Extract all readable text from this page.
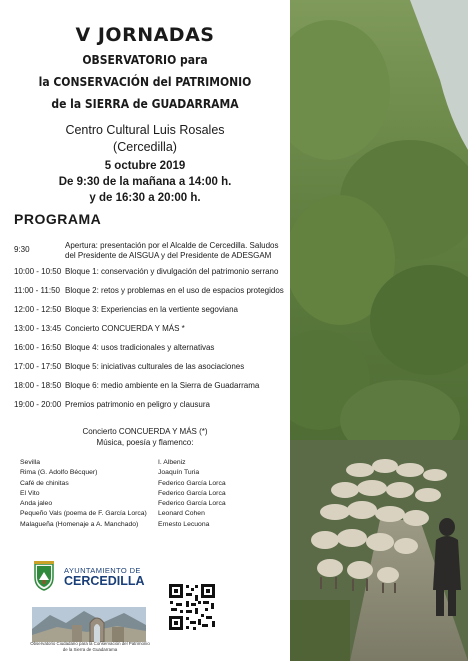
V JORNADAS
OBSERVATORIO para
la CONSERVACIÓN del PATRIMONIO
de la SIERRA de GUADARRAMA
Centro Cultural Luis Rosales
(Cercedilla)
5 octubre 2019
De 9:30 de la mañana a 14:00 h.
y de 16:30 a 20:00 h.
PROGRAMA
9:30	Apertura: presentación por el Alcalde de Cercedilla. Saludos del Presidente de AISGUA y del Presidente de ADESGAM
10:00 - 10:50 Bloque 1: conservación y divulgación del patrimonio serrano
11:00 - 11:50 Bloque 2: retos y problemas en el uso de espacios protegidos
12:00 - 12:50 Bloque 3: Experiencias en la vertiente segoviana
13:00 - 13:45 Concierto CONCUERDA Y MÁS *
16:00 - 16:50 Bloque 4: usos tradicionales y alternativas
17:00 - 17:50 Bloque 5: iniciativas culturales de las asociaciones
18:00 - 18:50 Bloque 6: medio ambiente en la Sierra de Guadarrama
19:00 - 20:00 Premios patrimonio en peligro y clausura
Concierto CONCUERDA Y MÁS (*)
Música, poesía y flamenco:
Sevilla
Rima (G. Adolfo Bécquer)
Café de chinitas
El Vito
Anda jaleo
Pequeño Vals (poema de F. García Lorca)
Malagueña (Homenaje a A. Manchado)
I. Albeniz
Joaquín Turia
Federico García Lorca
Federico García Lorca
Federico García Lorca
Leonard Cohen
Ernesto Lecuona
AYUNTAMIENTO DE
CERCEDILLA
Observatorio Ciudadano para la Conservación del Patrimonio
de la Sierra de Guadarrama
